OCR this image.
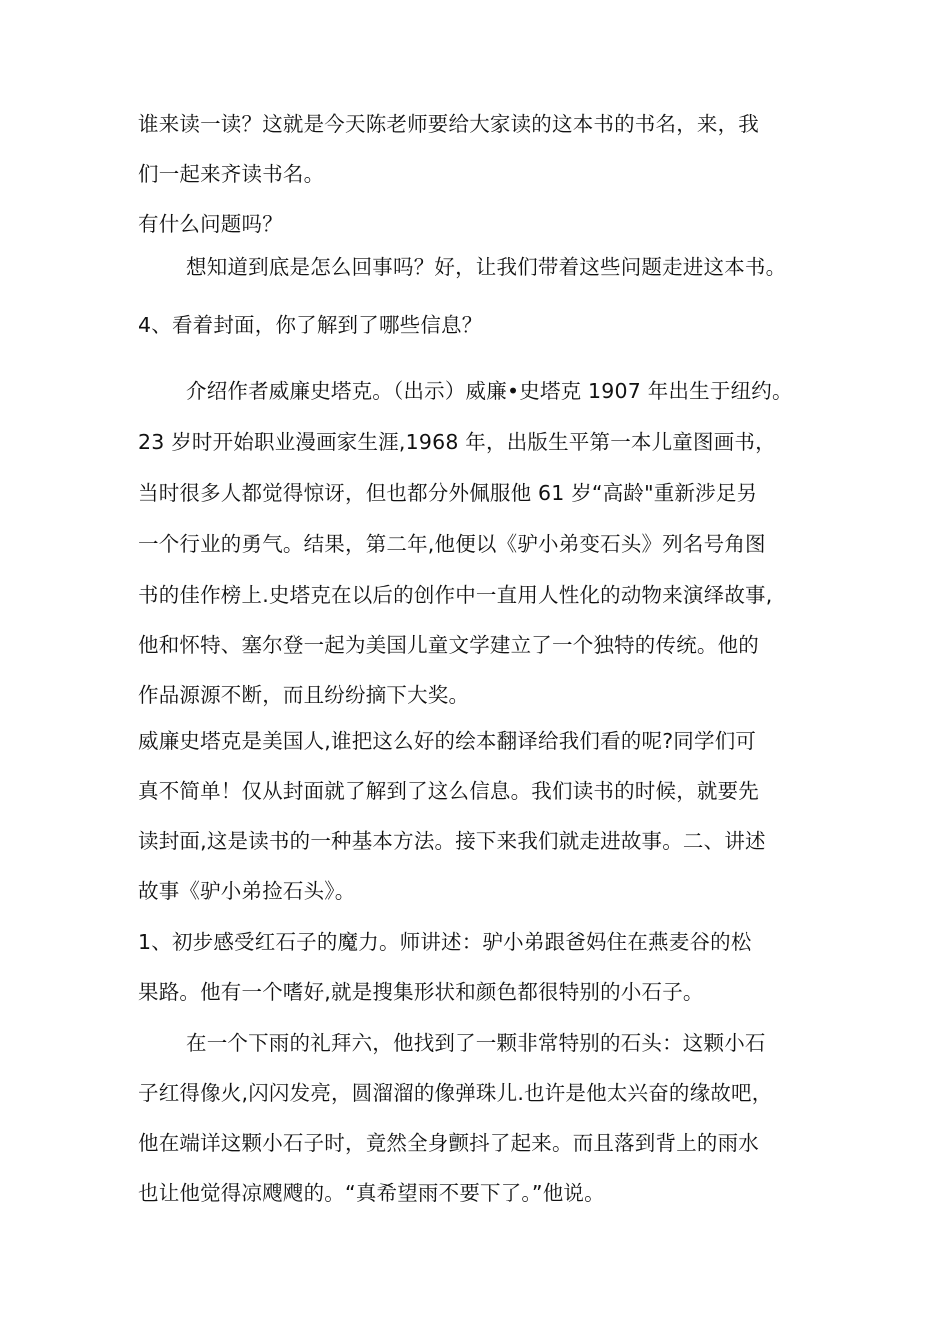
谁来读一读？这就是今天陈老师要给大家读的这本书的书名，来，我
们一起来齐读书名。
有什么问题吗？
想知道到底是怎么回事吗？好，让我们带着这些问题走进这本书。
4、看着封面，你了解到了哪些信息？
介绍作者威廉史塔克。（出示）威廉•史塔克 1907 年出生于纽约。
23 岁时开始职业漫画家生涯,1968 年，出版生平第一本儿童图画书，
当时很多人都觉得惊讶，但也都分外佩服他 61 岁“高龄"重新涉足另
一个行业的勇气。结果，第二年,他便以《驴小弟变石头》列名号角图
书的佳作榜上.史塔克在以后的创作中一直用人性化的动物来演绎故事,
他和怀特、塞尔登一起为美国儿童文学建立了一个独特的传统。他的
作品源源不断，而且纷纷摘下大奖。
威廉史塔克是美国人,谁把这么好的绘本翻译给我们看的呢?同学们可
真不简单！仅从封面就了解到了这么信息。我们读书的时候，就要先
读封面,这是读书的一种基本方法。接下来我们就走进故事。二、讲述
故事《驴小弟捡石头》。
1、初步感受红石子的魔力。师讲述：驴小弟跟爸妈住在燕麦谷的松
果路。他有一个嗜好,就是搜集形状和颜色都很特别的小石子。
在一个下雨的礼拜六，他找到了一颗非常特别的石头：这颗小石
子红得像火,闪闪发亮，圆溜溜的像弹珠儿.也许是他太兴奋的缘故吧，
他在端详这颗小石子时，竟然全身颤抖了起来。而且落到背上的雨水
也让他觉得凉飕飕的。“真希望雨不要下了。”他说。
